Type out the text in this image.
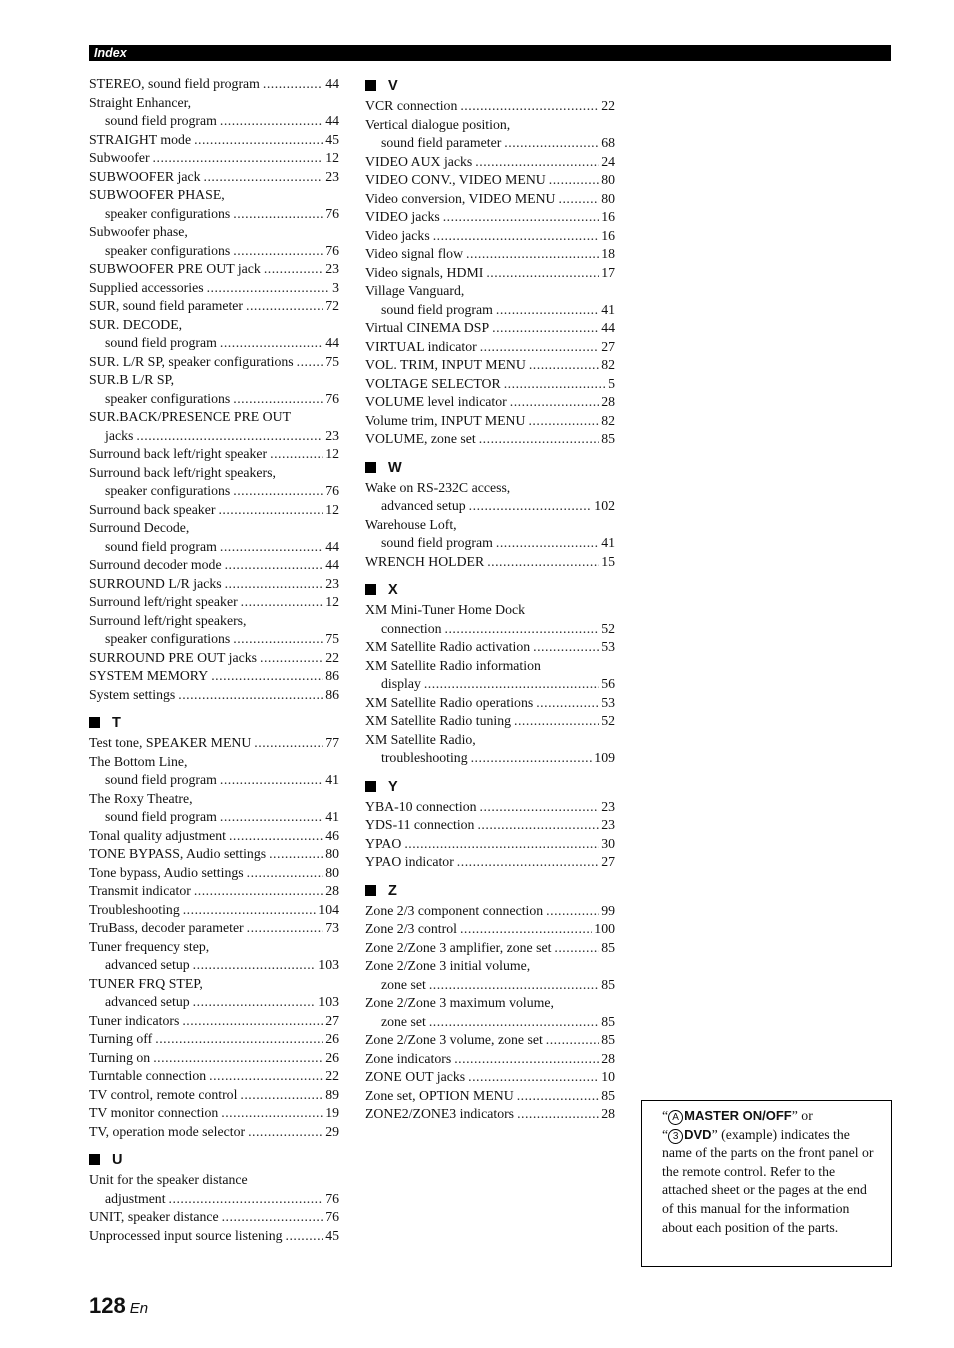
Index
STEREO, sound field program .....	44
Straight Enhancer,
sound field program .....	44
STRAIGHT mode .....	45
Subwoofer .....	12
SUBWOOFER jack .....	23
SUBWOOFER PHASE,
speaker configurations .....	76
Subwoofer phase,
speaker configurations .....	76
SUBWOOFER PRE OUT jack .....	23
Supplied accessories .....	3
SUR, sound field parameter .....	72
SUR. DECODE,
sound field program .....	44
SUR. L/R SP, speaker configurations ..... 75
SUR.B L/R SP,
speaker configurations .....	76
SUR.BACK/PRESENCE PRE OUT
jacks .....	23
Surround back left/right speaker .....	12
Surround back left/right speakers,
speaker configurations .....	76
Surround back speaker .....	12
Surround Decode,
sound field program .....	44
Surround decoder mode .....	44
SURROUND L/R jacks .....	23
Surround left/right speaker .....	12
Surround left/right speakers,
speaker configurations .....	75
SURROUND PRE OUT jacks .....	22
SYSTEM MEMORY .....	86
System settings .....	86
T
Test tone, SPEAKER MENU .....	77
The Bottom Line,
sound field program .....	41
The Roxy Theatre,
sound field program .....	41
Tonal quality adjustment .....	46
TONE BYPASS, Audio settings .....	80
Tone bypass, Audio settings .....	80
Transmit indicator .....	28
Troubleshooting .....	104
TruBass, decoder parameter .....	73
Tuner frequency step,
advanced setup .....	103
TUNER FRQ STEP,
advanced setup .....	103
Tuner indicators .....	27
Turning off .....	26
Turning on .....	26
Turntable connection .....	22
TV control, remote control .....	89
TV monitor connection .....	19
TV, operation mode selector .....	29
U
Unit for the speaker distance
adjustment .....	76
UNIT, speaker distance .....	76
Unprocessed input source listening .....	45
V
VCR connection .....	22
Vertical dialogue position,
sound field parameter .....	68
VIDEO AUX jacks .....	24
VIDEO CONV., VIDEO MENU .....	80
Video conversion, VIDEO MENU .....	80
VIDEO jacks .....	16
Video jacks .....	16
Video signal flow .....	18
Video signals, HDMI .....	17
Village Vanguard,
sound field program .....	41
Virtual CINEMA DSP .....	44
VIRTUAL indicator .....	27
VOL. TRIM, INPUT MENU .....	82
VOLTAGE SELECTOR .....	5
VOLUME level indicator .....	28
Volume trim, INPUT MENU .....	82
VOLUME, zone set .....	85
W
Wake on RS-232C access,
advanced setup .....	102
Warehouse Loft,
sound field program .....	41
WRENCH HOLDER .....	15
X
XM Mini-Tuner Home Dock
connection .....	52
XM Satellite Radio activation .....	53
XM Satellite Radio information
display .....	56
XM Satellite Radio operations .....	53
XM Satellite Radio tuning .....	52
XM Satellite Radio,
troubleshooting .....	109
Y
YBA-10 connection .....	23
YDS-11 connection .....	23
YPAO .....	30
YPAO indicator .....	27
Z
Zone 2/3 component connection .....	99
Zone 2/3 control .....	100
Zone 2/Zone 3 amplifier, zone set .....	85
Zone 2/Zone 3 initial volume,
zone set .....	85
Zone 2/Zone 3 maximum volume,
zone set .....	85
Zone 2/Zone 3 volume, zone set .....	85
Zone indicators .....	28
ZONE OUT jacks .....	10
Zone set, OPTION MENU .....	85
ZONE2/ZONE3 indicators .....	28	“ A MASTER ON/OFF” or
“ 3 DVD” (example) indicates the name of the parts on the front panel or the remote control. Refer to the attached sheet or the pages at the end of this manual for the information about each position of the parts.
128 En
